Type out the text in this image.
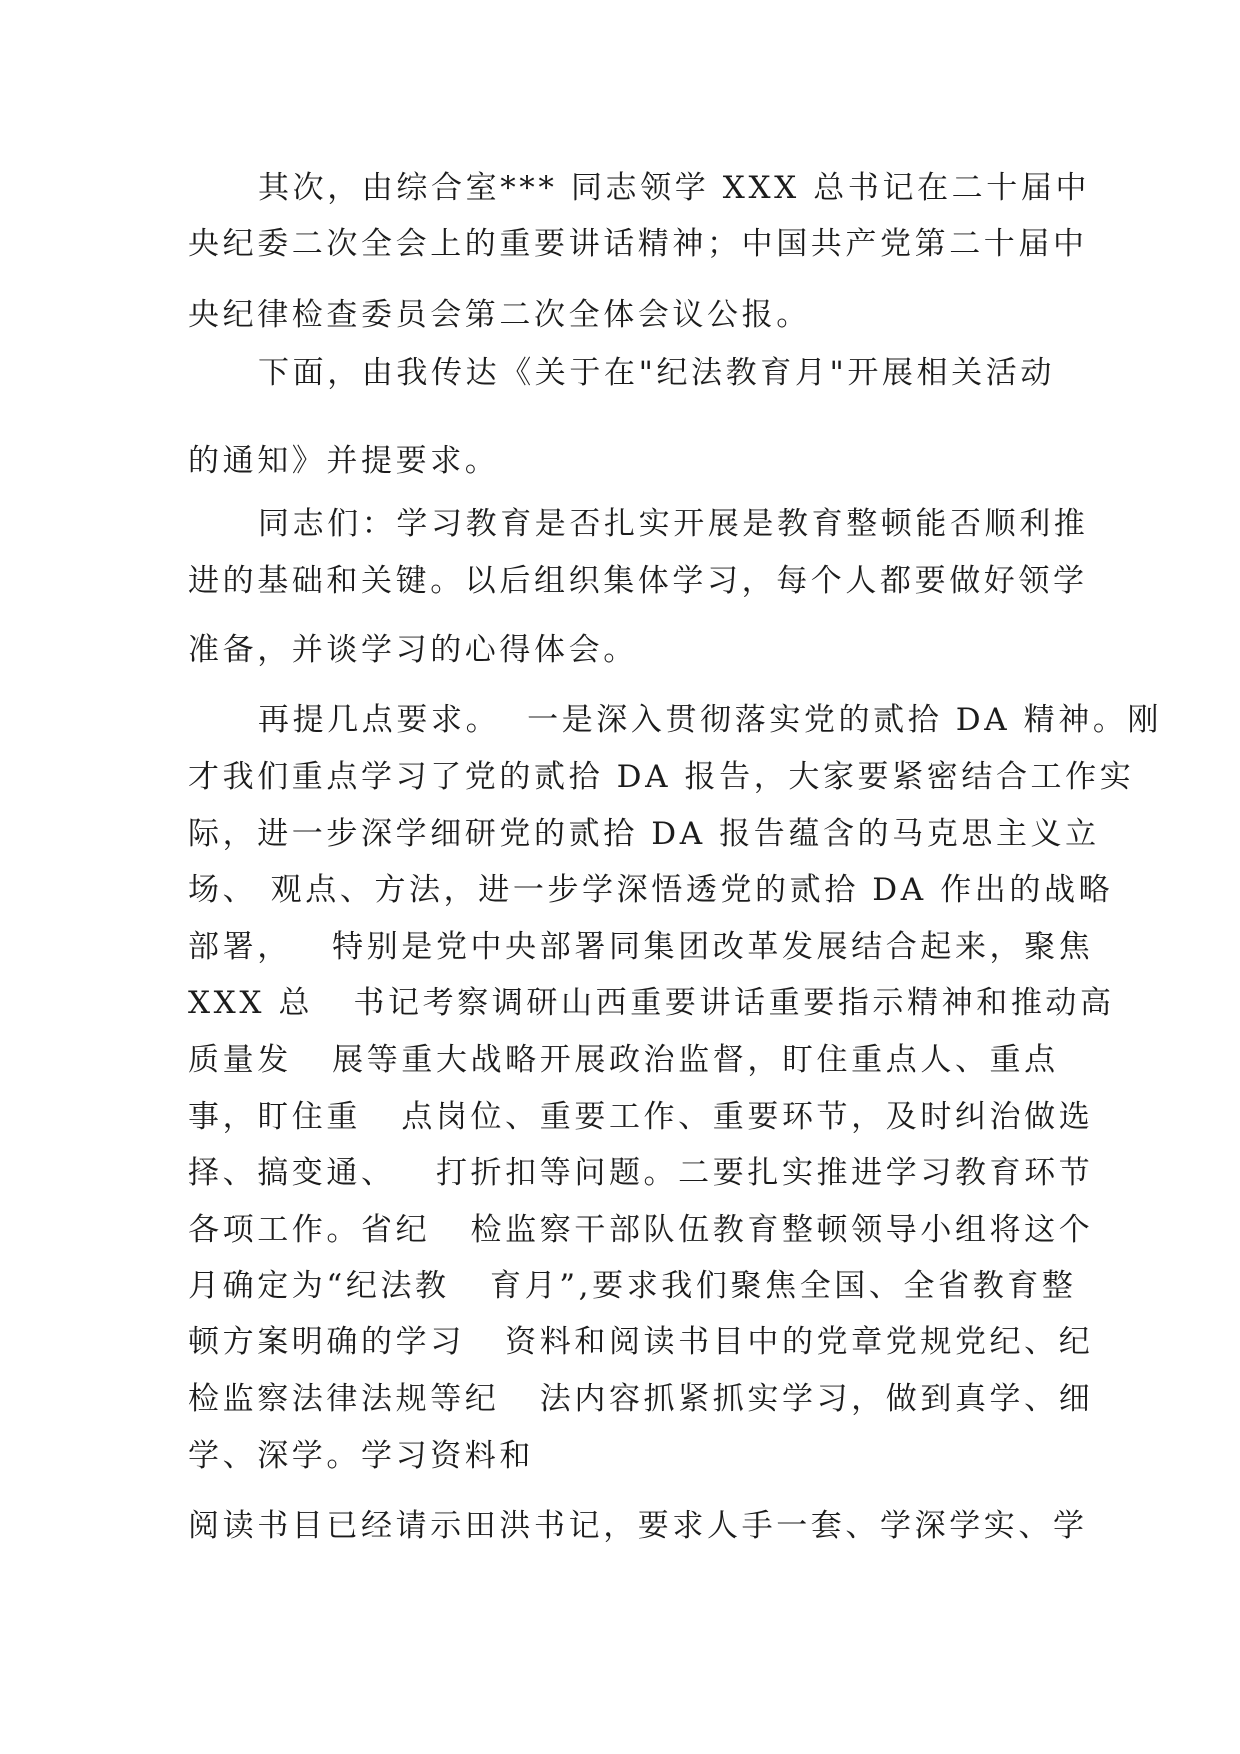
其次，由综合室*** 同志领学 XXX 总书记在二十届中

央纪委二次全会上的重要讲话精神；中国共产党第二十届中

央纪律检查委员会第二次全体会议公报。

下面，由我传达《关于在"纪法教育月"开展相关活动

的通知》并提要求。

同志们：学习教育是否扎实开展是教育整顿能否顺利推

进的基础和关键。以后组织集体学习，每个人都要做好领学

准备，并谈学习的心得体会。

再提几点要求。  一是深入贯彻落实党的贰拾 DA 精神。刚

才我们重点学习了党的贰拾 DA 报告，大家要紧密结合工作实

际，进一步深学细研党的贰拾 DA 报告蕴含的马克思主义立

场、 观点、方法，进一步学深悟透党的贰拾 DA 作出的战略

部署，   特别是党中央部署同集团改革发展结合起来，聚焦

XXX 总   书记考察调研山西重要讲话重要指示精神和推动高

质量发   展等重大战略开展政治监督，盯住重点人、重点

事，盯住重   点岗位、重要工作、重要环节，及时纠治做选

择、搞变通、   打折扣等问题。二要扎实推进学习教育环节

各项工作。省纪   检监察干部队伍教育整顿领导小组将这个

月确定为“纪法教   育月”,要求我们聚焦全国、全省教育整

顿方案明确的学习   资料和阅读书目中的党章党规党纪、纪

检监察法律法规等纪   法内容抓紧抓实学习，做到真学、细

学、深学。学习资料和

阅读书目已经请示田洪书记，要求人手一套、学深学实、学
